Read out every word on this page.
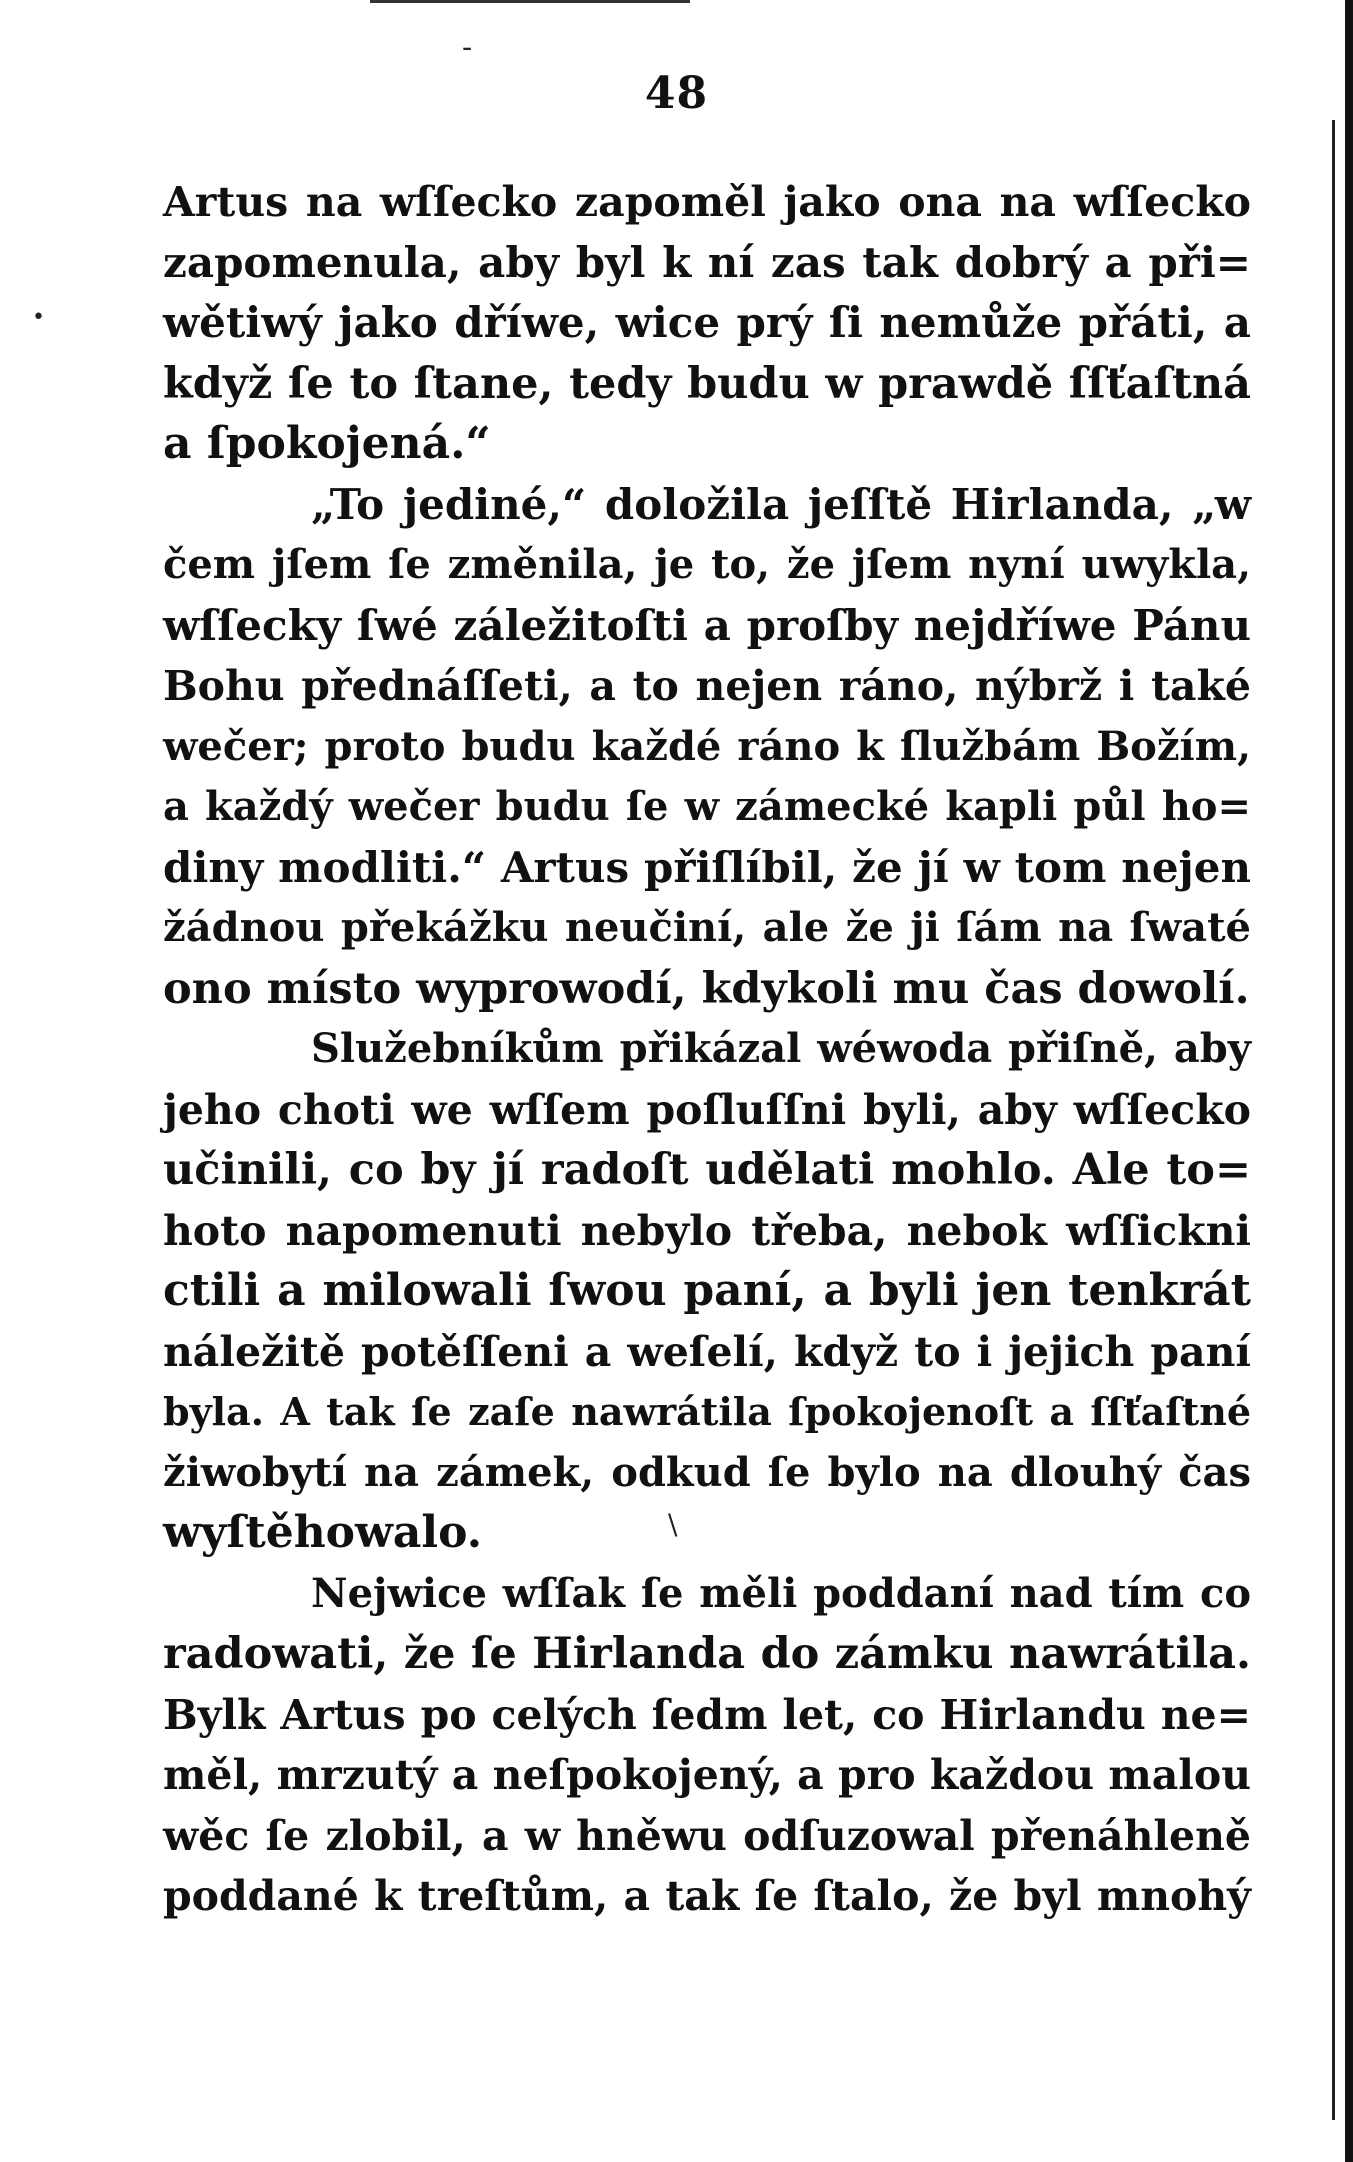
-
•
\
48
Artus na wſſecko zapoměl jako ona na wſſecko
zapomenula, aby byl k ní zas tak dobrý a při=
wětiwý jako dříwe, wice prý ſi nemůže přáti, a
když ſe to ſtane, tedy budu w prawdě ſſťaſtná
a ſpokojená.“
„To jediné,“ doložila jeſſtě Hirlanda, „w
čem jſem ſe změnila, je to, že jſem nyní uwykla,
wſſecky ſwé záležitoſti a proſby nejdříwe Pánu
Bohu přednáſſeti, a to nejen ráno, nýbrž i také
wečer; proto budu každé ráno k ſlužbám Božím,
a každý wečer budu ſe w zámecké kapli půl ho=
diny modliti.“ Artus přiſlíbil, že jí w tom nejen
žádnou překážku neučiní, ale že ji ſám na ſwaté
ono místo wyprowodí, kdykoli mu čas dowolí.
Služebníkům přikázal wéwoda přiſně, aby
jeho choti we wſſem poſluſſni byli, aby wſſecko
učinili, co by jí radoſt udělati mohlo. Ale to=
hoto napomenuti nebylo třeba, nebok wſſickni
ctili a milowali ſwou paní, a byli jen tenkrát
náležitě potěſſeni a weſelí, když to i jejich paní
byla. A tak ſe zaſe nawrátila ſpokojenoſt a ſſťaſtné
žiwobytí na zámek, odkud ſe bylo na dlouhý čas
wyſtěhowalo.
Nejwice wſſak ſe měli poddaní nad tím co
radowati, že ſe Hirlanda do zámku nawrátila.
Bylk Artus po celých ſedm let, co Hirlandu ne=
měl, mrzutý a neſpokojený, a pro každou malou
wěc ſe zlobil, a w hněwu odſuzowal přenáhleně
poddané k treſtům, a tak ſe ſtalo, že byl mnohý
